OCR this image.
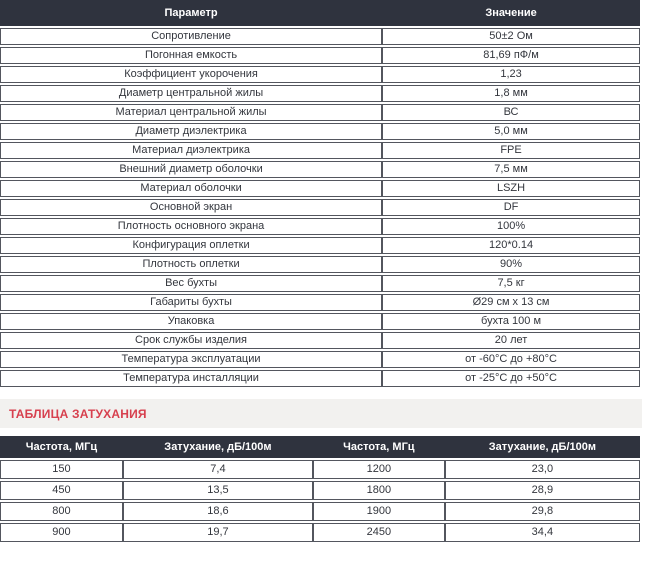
Параметр	Значение
Сопротивление	50±2 Ом
Погонная емкость	81,69 пФ/м
Коэффициент укорочения	1,23
Диаметр центральной жилы	1,8 мм
Материал центральной жилы	ВС
Диаметр диэлектрика	5,0 мм
Материал диэлектрика	FPE
Внешний диаметр оболочки	7,5 мм
Материал оболочки	LSZH
Основной экран	DF
Плотность основного экрана	100%
Конфигурация оплетки	120*0.14
Плотность оплетки	90%
Вес бухты	7,5 кг
Габариты бухты	Ø29 см x 13 см
Упаковка	бухта 100 м
Срок службы изделия	20 лет
Температура эксплуатации	от -60°C до +80°C
Температура инсталляции	от -25°C до +50°C
ТАБЛИЦА ЗАТУХАНИЯ
Частота, МГц	Затухание, дБ/100м	Частота, МГц	Затухание, дБ/100м
150	7,4	1200	23,0
450	13,5	1800	28,9
800	18,6	1900	29,8
900	19,7	2450	34,4
